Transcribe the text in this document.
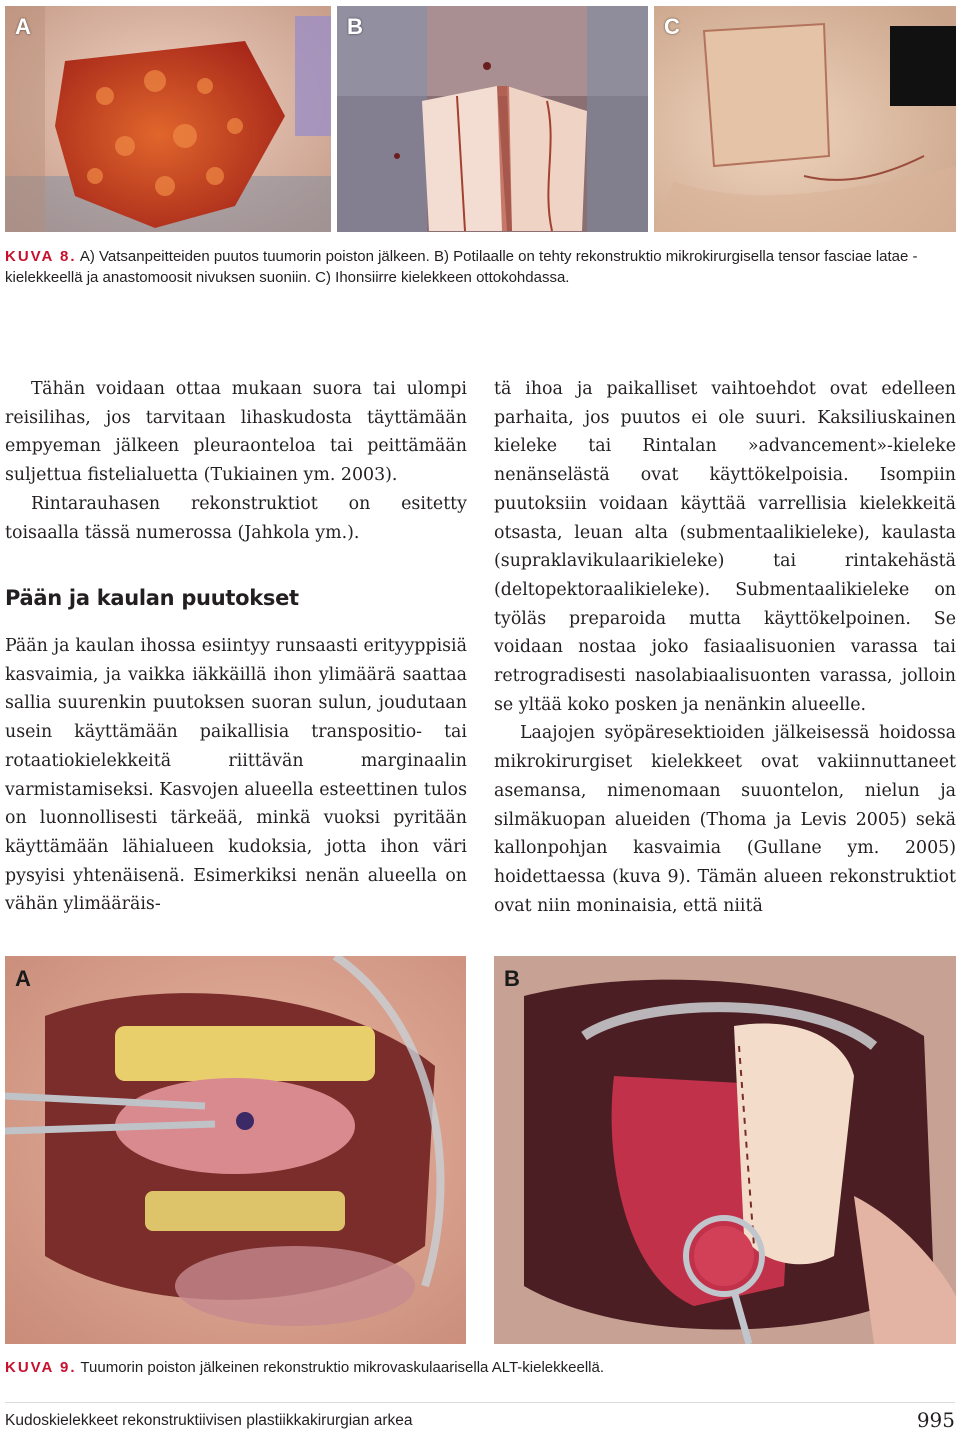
A	B	C
KUVA 8. A) Vatsanpeitteiden puutos tuumorin poiston jälkeen. B) Potilaalle on tehty rekonstruktio mikrokirurgisella tensor fasciae latae -kielekkeellä ja anastomoosit nivuksen suoniin. C) Ihonsiirre kielekkeen ottokohdassa.

Tähän voidaan ottaa mukaan suora tai ulompi reisilihas, jos tarvitaan lihaskudosta täyttämään empyeman jälkeen pleuraonteloa tai peittämään suljettua fistelialuetta (Tukiainen ym. 2003).

Rintarauhasen rekonstruktiot on esitetty toisaalla tässä numerossa (Jahkola ym.).

Pään ja kaulan puutokset

Pään ja kaulan ihossa esiintyy runsaasti erityyppisiä kasvaimia, ja vaikka iäkkäillä ihon ylimäärä saattaa sallia suurenkin puutoksen suoran sulun, joudutaan usein käyttämään paikallisia transpositio- tai rotaatiokielekkeitä riittävän marginaalin varmistamiseksi. Kasvojen alueella esteettinen tulos on luonnollisesti tärkeää, minkä vuoksi pyritään käyttämään lähialueen kudoksia, jotta ihon väri pysyisi yhtenäisenä. Esimerkiksi nenän alueella on vähän ylimääräis-

tä ihoa ja paikalliset vaihtoehdot ovat edelleen parhaita, jos puutos ei ole suuri. Kaksiliuskainen kieleke tai Rintalan »advancement»-kieleke nenänselästä ovat käyttökelpoisia. Isompiin puutoksiin voidaan käyttää varrellisia kielekkeitä otsasta, leuan alta (submentaalikieleke), kaulasta (supraklavikulaarikieleke) tai rintakehästä (deltopektoraalikieleke). Submentaalikieleke on työläs preparoida mutta käyttökelpoinen. Se voidaan nostaa joko fasiaalisuonien varassa tai retrogradisesti nasolabiaalisuonten varassa, jolloin se yltää koko posken ja nenänkin alueelle.

Laajojen syöpäresektioiden jälkeisessä hoidossa mikrokirurgiset kielekkeet ovat vakiinnuttaneet asemansa, nimenomaan suuontelon, nielun ja silmäkuopan alueiden (Thoma ja Levis 2005) sekä kallonpohjan kasvaimia (Gullane ym. 2005) hoidettaessa (kuva 9). Tämän alueen rekonstruktiot ovat niin moninaisia, että niitä

A	B
KUVA 9. Tuumorin poiston jälkeinen rekonstruktio mikrovaskulaarisella ALT-kielekkeellä.
Kudoskielekkeet rekonstruktiivisen plastiikkakirurgian arkea	995
